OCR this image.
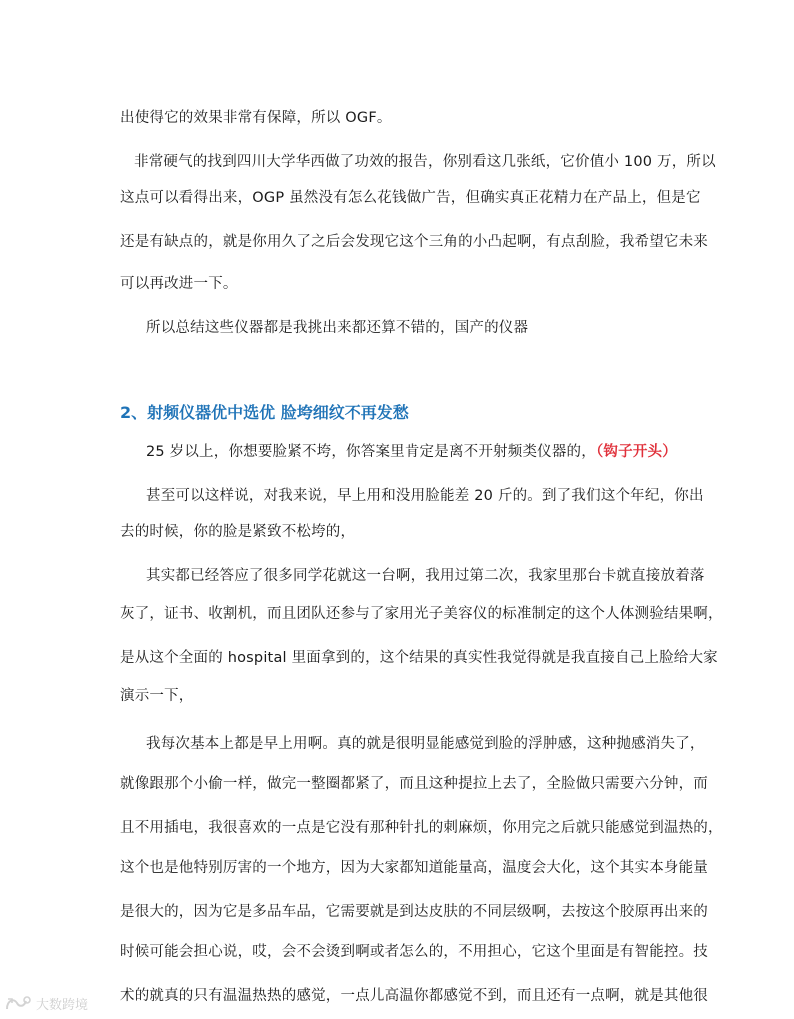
出使得它的效果非常有保障，所以 OGF。
非常硬气的找到四川大学华西做了功效的报告，你别看这几张纸，它价值小 100 万，所以
这点可以看得出来，OGP 虽然没有怎么花钱做广告，但确实真正花精力在产品上，但是它
还是有缺点的，就是你用久了之后会发现它这个三角的小凸起啊，有点刮脸，我希望它未来
可以再改进一下。
所以总结这些仪器都是我挑出来都还算不错的，国产的仪器
2、射频仪器优中选优 脸垮细纹不再发愁
25 岁以上，你想要脸紧不垮，你答案里肯定是离不开射频类仪器的，（钩子开头）
甚至可以这样说，对我来说，早上用和没用脸能差 20 斤的。到了我们这个年纪，你出
去的时候，你的脸是紧致不松垮的，
其实都已经答应了很多同学花就这一台啊，我用过第二次，我家里那台卡就直接放着落
灰了，证书、收割机，而且团队还参与了家用光子美容仪的标准制定的这个人体测验结果啊，
是从这个全面的 hospital 里面拿到的，这个结果的真实性我觉得就是我直接自己上脸给大家
演示一下，
我每次基本上都是早上用啊。真的就是很明显能感觉到脸的浮肿感，这种抛感消失了，
就像跟那个小偷一样，做完一整圈都紧了，而且这种提拉上去了，全脸做只需要六分钟，而
且不用插电，我很喜欢的一点是它没有那种针扎的刺麻烦，你用完之后就只能感觉到温热的，
这个也是他特别厉害的一个地方，因为大家都知道能量高，温度会大化，这个其实本身能量
是很大的，因为它是多品车品，它需要就是到达皮肤的不同层级啊，去按这个胶原再出来的
时候可能会担心说，哎，会不会烫到啊或者怎么的，不用担心，它这个里面是有智能控。技
术的就真的只有温温热热的感觉，一点儿高温你都感觉不到，而且还有一点啊，就是其他很
大数跨境
